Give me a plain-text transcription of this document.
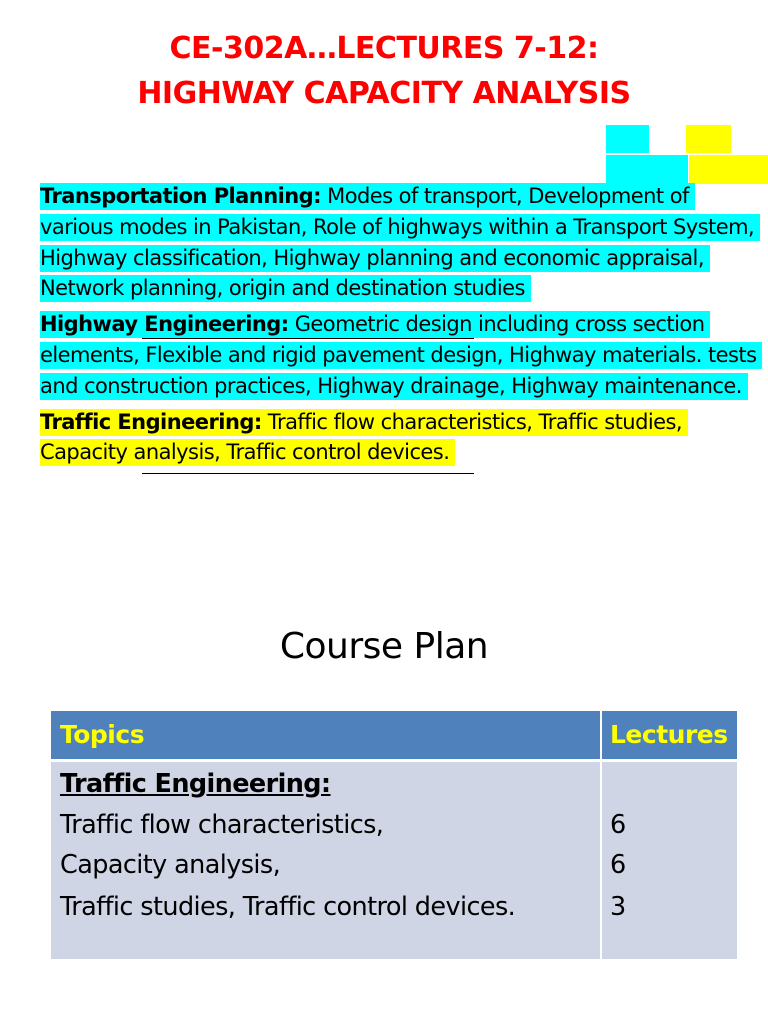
CE-302A…LECTURES 7-12:
HIGHWAY CAPACITY ANALYSIS

Transportation Planning: Modes of transport, Development of various modes in Pakistan, Role of highways within a Transport System, Highway classification, Highway planning and economic appraisal, Network planning, origin and destination studies

Highway Engineering: Geometric design including cross section elements, Flexible and rigid pavement design, Highway materials. tests and construction practices, Highway drainage, Highway maintenance.

Traffic Engineering: Traffic flow characteristics, Traffic studies, Capacity analysis, Traffic control devices.

Course Plan
Topics	Lectures
Traffic Engineering:
Traffic flow characteristics,	6
Capacity analysis,	6
Traffic studies, Traffic control devices.	3
